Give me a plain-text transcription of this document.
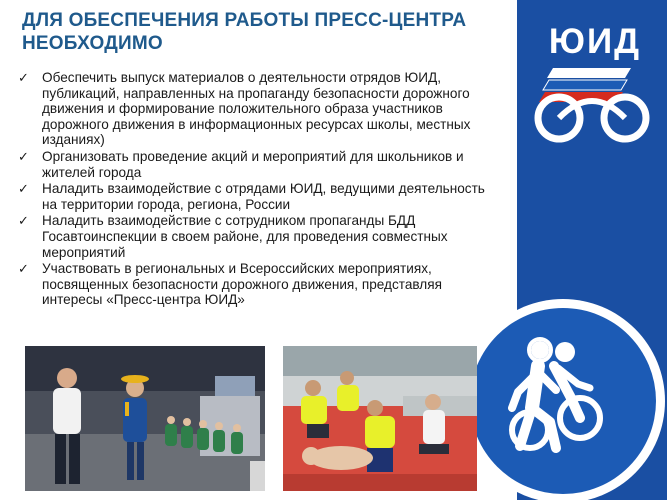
ДЛЯ ОБЕСПЕЧЕНИЯ РАБОТЫ ПРЕСС-ЦЕНТРА
НЕОБХОДИМО
✓ Обеспечить выпуск материалов о деятельности отрядов ЮИД, публикаций, направленных на пропаганду безопасности дорожного движения и формирование положительного образа участников дорожного движения в информационных ресурсах школы, местных изданиях)
✓ Организовать проведение акций и мероприятий для школьников и жителей города
✓ Наладить взаимодействие с отрядами ЮИД, ведущими деятельность на территории города, региона, России
✓ Наладить взаимодействие с сотрудником пропаганды БДД Госавтоинспекции в своем районе, для проведения совместных мероприятий
✓ Участвовать в региональных и Всероссийских мероприятиях, посвященных безопасности дорожного движения, представляя интересы «Пресс-центра ЮИД»
ЮИД
